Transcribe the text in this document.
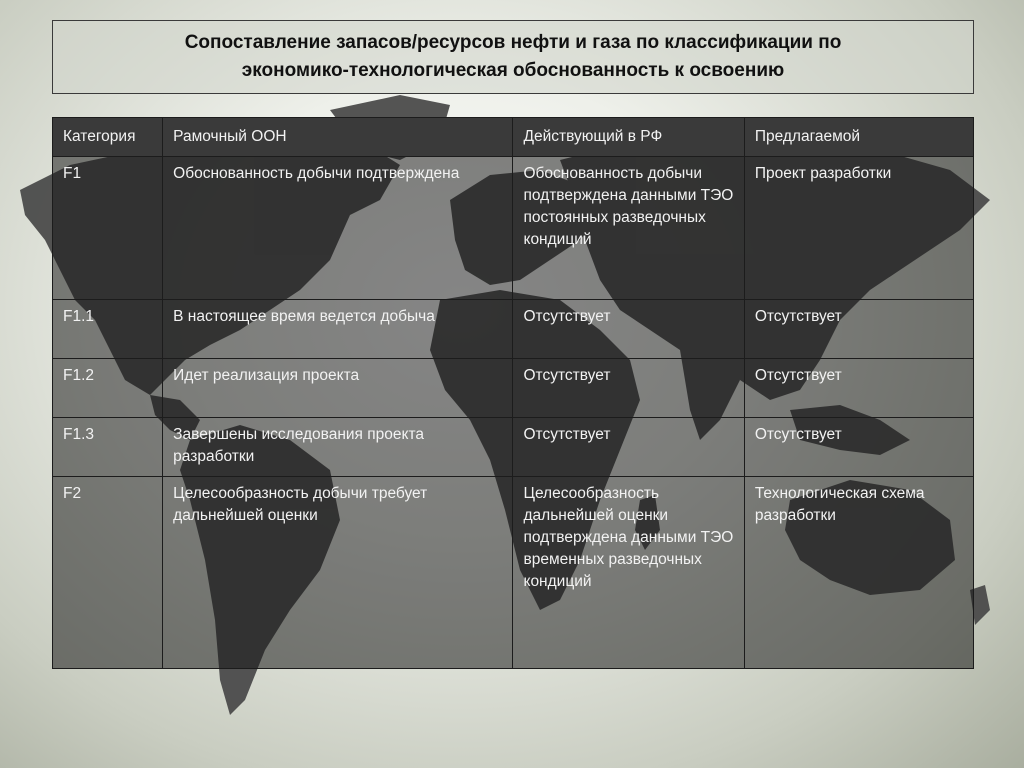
Сопоставление запасов/ресурсов нефти и газа по классификации по
экономико-технологическая обоснованность к освоению
Категория	Рамочный ООН	Действующий в РФ	Предлагаемой
F1	Обоснованность добычи подтверждена	Обоснованность добычи подтверждена данными ТЭО постоянных разведочных кондиций	Проект разработки
F1.1	В настоящее время ведется добыча	Отсутствует	Отсутствует
F1.2	Идет реализация проекта	Отсутствует	Отсутствует
F1.3	Завершены исследования проекта разработки	Отсутствует	Отсутствует
F2	Целесообразность добычи требует дальнейшей оценки	Целесообразность дальнейшей оценки подтверждена данными ТЭО временных разведочных кондиций	Технологическая схема разработки
